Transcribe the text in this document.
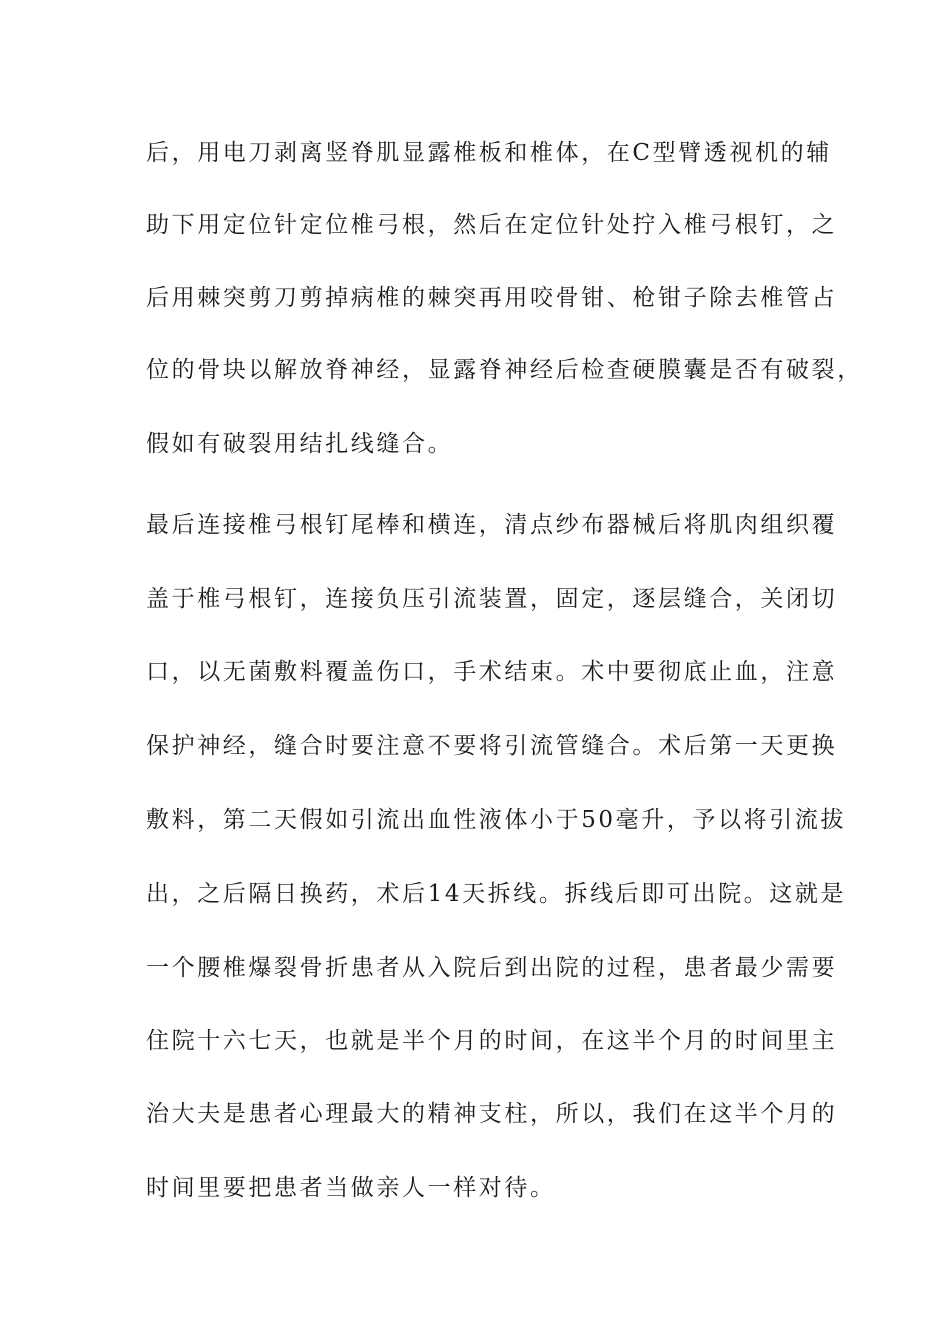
后，用电刀剥离竖脊肌显露椎板和椎体，在C型臂透视机的辅
助下用定位针定位椎弓根，然后在定位针处拧入椎弓根钉，之
后用棘突剪刀剪掉病椎的棘突再用咬骨钳、枪钳子除去椎管占
位的骨块以解放脊神经，显露脊神经后检查硬膜囊是否有破裂，
假如有破裂用结扎线缝合。
最后连接椎弓根钉尾棒和横连，清点纱布器械后将肌肉组织覆
盖于椎弓根钉，连接负压引流装置，固定，逐层缝合，关闭切
口，以无菌敷料覆盖伤口，手术结束。术中要彻底止血，注意
保护神经，缝合时要注意不要将引流管缝合。术后第一天更换
敷料，第二天假如引流出血性液体小于50毫升，予以将引流拔
出，之后隔日换药，术后14天拆线。拆线后即可出院。这就是
一个腰椎爆裂骨折患者从入院后到出院的过程，患者最少需要
住院十六七天，也就是半个月的时间，在这半个月的时间里主
治大夫是患者心理最大的精神支柱，所以，我们在这半个月的
时间里要把患者当做亲人一样对待。
